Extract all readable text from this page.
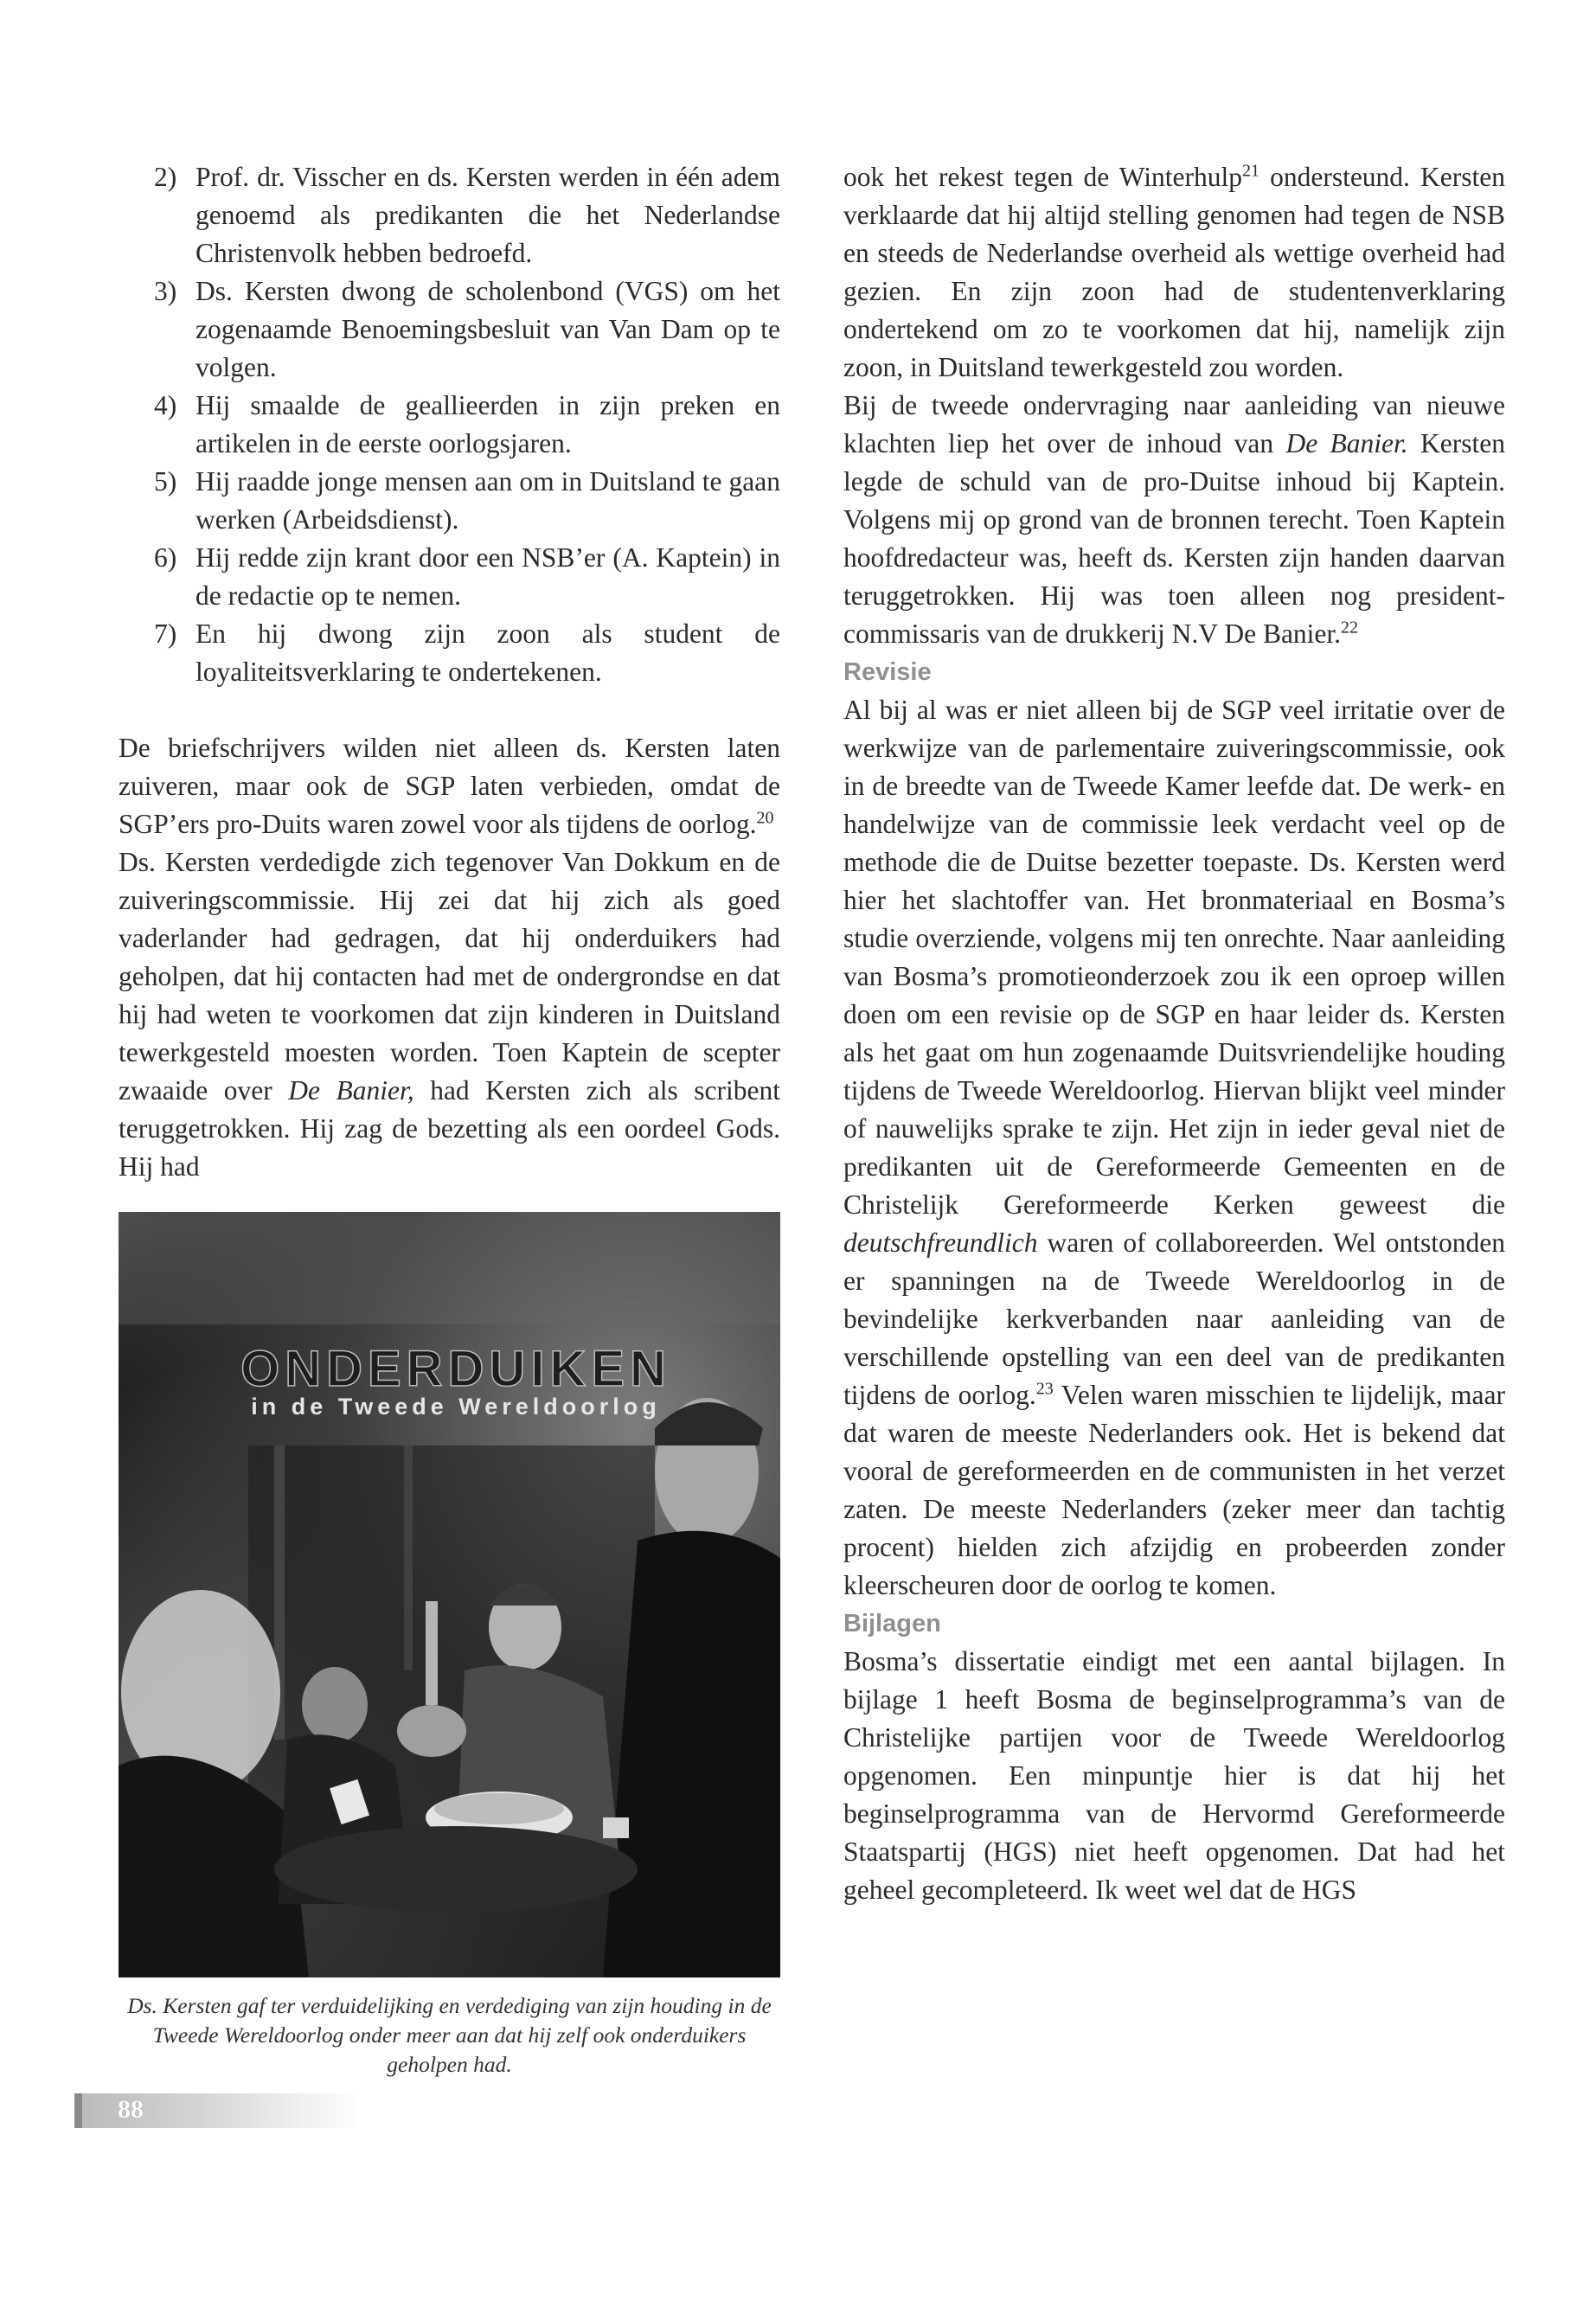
2) Prof. dr. Visscher en ds. Kersten werden in één adem genoemd als predikanten die het Nederlandse Christenvolk hebben bedroefd.
3) Ds. Kersten dwong de scholenbond (VGS) om het zogenaamde Benoemingsbesluit van Van Dam op te volgen.
4) Hij smaalde de geallieerden in zijn preken en artikelen in de eerste oorlogsjaren.
5) Hij raadde jonge mensen aan om in Duitsland te gaan werken (Arbeidsdienst).
6) Hij redde zijn krant door een NSB’er (A. Kaptein) in de redactie op te nemen.
7) En hij dwong zijn zoon als student de loyaliteitsverklaring te ondertekenen.

De briefschrijvers wilden niet alleen ds. Kersten laten zuiveren, maar ook de SGP laten verbieden, omdat de SGP’ers pro-Duits waren zowel voor als tijdens de oorlog.$^{20}$

Ds. Kersten verdedigde zich tegenover Van Dokkum en de zuiveringscommissie. Hij zei dat hij zich als goed vaderlander had gedragen, dat hij onderduikers had geholpen, dat hij contacten had met de ondergrondse en dat hij had weten te voorkomen dat zijn kinderen in Duitsland tewerkgesteld moesten worden. Toen Kaptein de scepter zwaaide over De Banier, had Kersten zich als scribent teruggetrokken. Hij zag de bezetting als een oordeel Gods. Hij had

ONDERDUIKEN
in de Tweede Wereldoorlog
Ds. Kersten gaf ter verduidelijking en verdediging van zijn houding in de Tweede Wereldoorlog onder meer aan dat hij zelf ook onderduikers geholpen had.

ook het rekest tegen de Winterhulp$^{21}$ ondersteund. Kersten verklaarde dat hij altijd stelling genomen had tegen de NSB en steeds de Nederlandse overheid als wettige overheid had gezien. En zijn zoon had de studentenverklaring ondertekend om zo te voorkomen dat hij, namelijk zijn zoon, in Duitsland tewerkgesteld zou worden.

Bij de tweede ondervraging naar aanleiding van nieuwe klachten liep het over de inhoud van De Banier. Kersten legde de schuld van de pro-Duitse inhoud bij Kaptein. Volgens mij op grond van de bronnen terecht. Toen Kaptein hoofdredacteur was, heeft ds. Kersten zijn handen daarvan teruggetrokken. Hij was toen alleen nog president-commissaris van de drukkerij N.V De Banier.$^{22}$

Revisie

Al bij al was er niet alleen bij de SGP veel irritatie over de werkwijze van de parlementaire zuiveringscommissie, ook in de breedte van de Tweede Kamer leefde dat. De werk- en handelwijze van de commissie leek verdacht veel op de methode die de Duitse bezetter toepaste. Ds. Kersten werd hier het slachtoffer van. Het bronmateriaal en Bosma’s studie overziende, volgens mij ten onrechte. Naar aanleiding van Bosma’s promotieonderzoek zou ik een oproep willen doen om een revisie op de SGP en haar leider ds. Kersten als het gaat om hun zogenaamde Duitsvriendelijke houding tijdens de Tweede Wereldoorlog. Hiervan blijkt veel minder of nauwelijks sprake te zijn. Het zijn in ieder geval niet de predikanten uit de Gereformeerde Gemeenten en de Christelijk Gereformeerde Kerken geweest die deutschfreundlich waren of collaboreerden. Wel ontstonden er spanningen na de Tweede Wereldoorlog in de bevindelijke kerkverbanden naar aanleiding van de verschillende opstelling van een deel van de predikanten tijdens de oorlog.$^{23}$ Velen waren misschien te lijdelijk, maar dat waren de meeste Nederlanders ook. Het is bekend dat vooral de gereformeerden en de communisten in het verzet zaten. De meeste Nederlanders (zeker meer dan tachtig procent) hielden zich afzijdig en probeerden zonder kleerscheuren door de oorlog te komen.

Bijlagen

Bosma’s dissertatie eindigt met een aantal bijlagen. In bijlage 1 heeft Bosma de beginselprogramma’s van de Christelijke partijen voor de Tweede Wereldoorlog opgenomen. Een minpuntje hier is dat hij het beginselprogramma van de Hervormd Gereformeerde Staatspartij (HGS) niet heeft opgenomen. Dat had het geheel gecompleteerd. Ik weet wel dat de HGS

88
